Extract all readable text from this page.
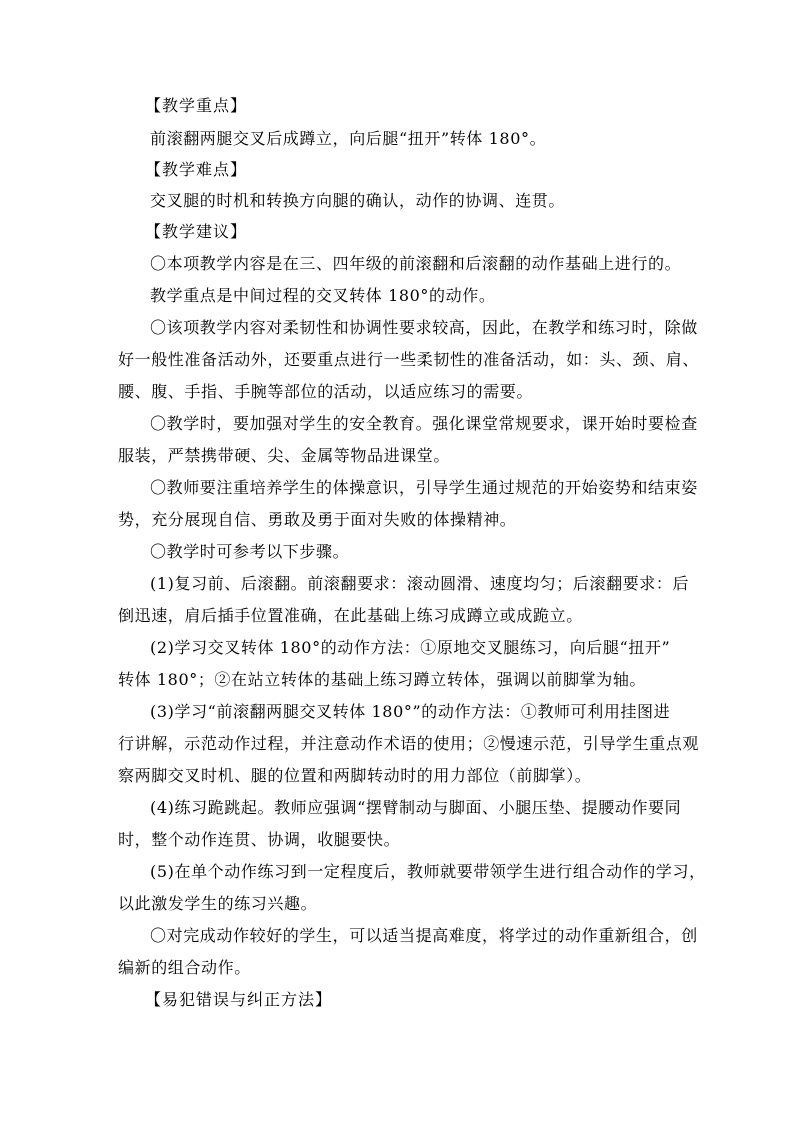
【教学重点】
前滚翻两腿交叉后成蹲立，向后腿“扭开”转体 180°。
【教学难点】
交叉腿的时机和转换方向腿的确认，动作的协调、连贯。
【教学建议】
〇本项教学内容是在三、四年级的前滚翻和后滚翻的动作基础上进行的。
教学重点是中间过程的交叉转体 180°的动作。
〇该项教学内容对柔韧性和协调性要求较高，因此，在教学和练习时，除做
好一般性准备活动外，还要重点进行一些柔韧性的准备活动，如：头、颈、肩、
腰、腹、手指、手腕等部位的活动，以适应练习的需要。
〇教学时，要加强对学生的安全教育。强化课堂常规要求，课开始时要检查
服装，严禁携带硬、尖、金属等物品进课堂。
〇教师要注重培养学生的体操意识，引导学生通过规范的开始姿势和结束姿
势，充分展现自信、勇敢及勇于面对失败的体操精神。
〇教学时可参考以下步骤。
(1)复习前、后滚翻。前滚翻要求：滚动圆滑、速度均匀；后滚翻要求：后
倒迅速，肩后插手位置准确，在此基础上练习成蹲立或成跪立。
(2)学习交叉转体 180°的动作方法：①原地交叉腿练习，向后腿“扭开”
转体 180°；②在站立转体的基础上练习蹲立转体，强调以前脚掌为轴。
(3)学习“前滚翻两腿交叉转体 180°”的动作方法：①教师可利用挂图进
行讲解，示范动作过程，并注意动作术语的使用；②慢速示范，引导学生重点观
察两脚交叉时机、腿的位置和两脚转动时的用力部位（前脚掌）。
(4)练习跪跳起。教师应强调“摆臂制动与脚面、小腿压垫、提腰动作要同
时，整个动作连贯、协调，收腿要快。
(5)在单个动作练习到一定程度后，教师就要带领学生进行组合动作的学习，
以此激发学生的练习兴趣。
〇对完成动作较好的学生，可以适当提高难度，将学过的动作重新组合，创
编新的组合动作。
【易犯错误与纠正方法】
